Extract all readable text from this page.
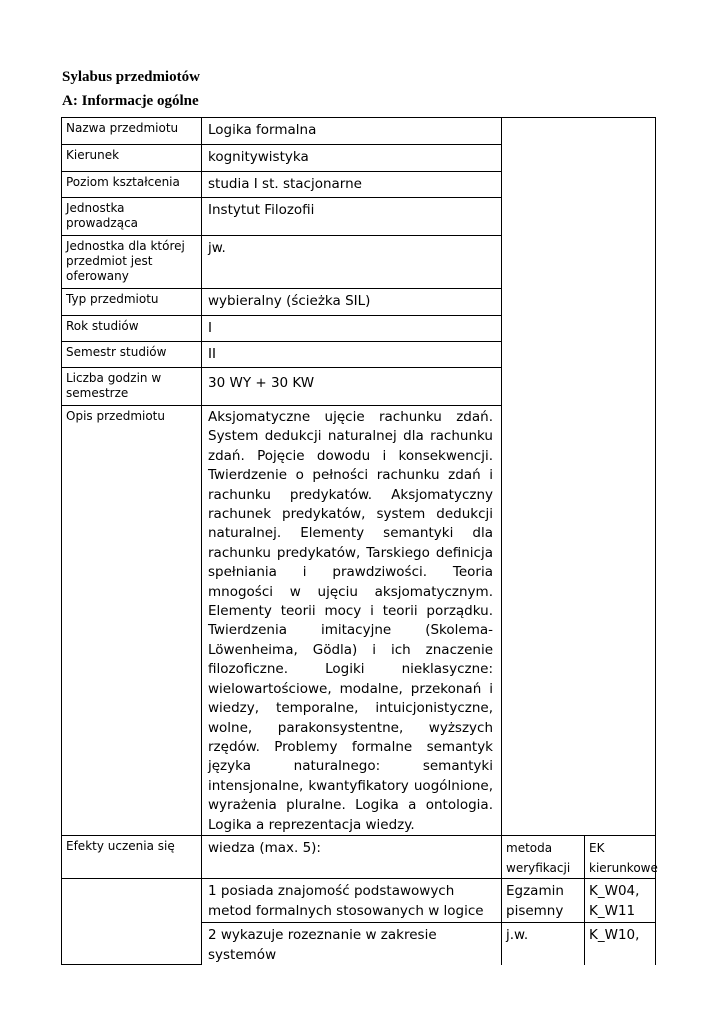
Sylabus przedmiotów
A: Informacje ogólne
Nazwa przedmiotu	Logika formalna		
Kierunek	kognitywistyka		
Poziom kształcenia	studia I st. stacjonarne		
Jednostka prowadząca	Instytut Filozofii		
Jednostka dla której przedmiot jest oferowany	jw.		
Typ przedmiotu	wybieralny (ścieżka SIL)		
Rok studiów	I		
Semestr studiów	II		
Liczba godzin w semestrze	30 WY + 30 KW		
Opis przedmiotu	Aksjomatyczne ujęcie rachunku zdań. System dedukcji naturalnej dla rachunku zdań. Pojęcie dowodu i konsekwencji. Twierdzenie o pełności rachunku zdań i rachunku predykatów. Aksjomatyczny rachunek predykatów, system dedukcji naturalnej. Elementy semantyki dla rachunku predykatów, Tarskiego definicja spełniania i prawdziwości. Teoria mnogości w ujęciu aksjomatycznym. Elementy teorii mocy i teorii porządku. Twierdzenia imitacyjne (Skolema-Löwenheima, Gödla) i ich znaczenie filozoficzne. Logiki nieklasyczne: wielowartościowe, modalne, przekonań i wiedzy, temporalne, intuicjonistyczne, wolne, parakonsystentne, wyższych rzędów. Problemy formalne semantyk języka naturalnego: semantyki intensjonalne, kwantyfikatory uogólnione, wyrażenia pluralne. Logika a ontologia. Logika a reprezentacja wiedzy.		

Efekty uczenia się	wiedza (max. 5):	metoda weryfikacji	EK kierunkowe
	1 posiada znajomość podstawowych metod formalnych stosowanych w logice	Egzamin pisemny	K_W04, K_W11
	2 wykazuje rozeznanie w zakresie systemów	j.w.	K_W10,
